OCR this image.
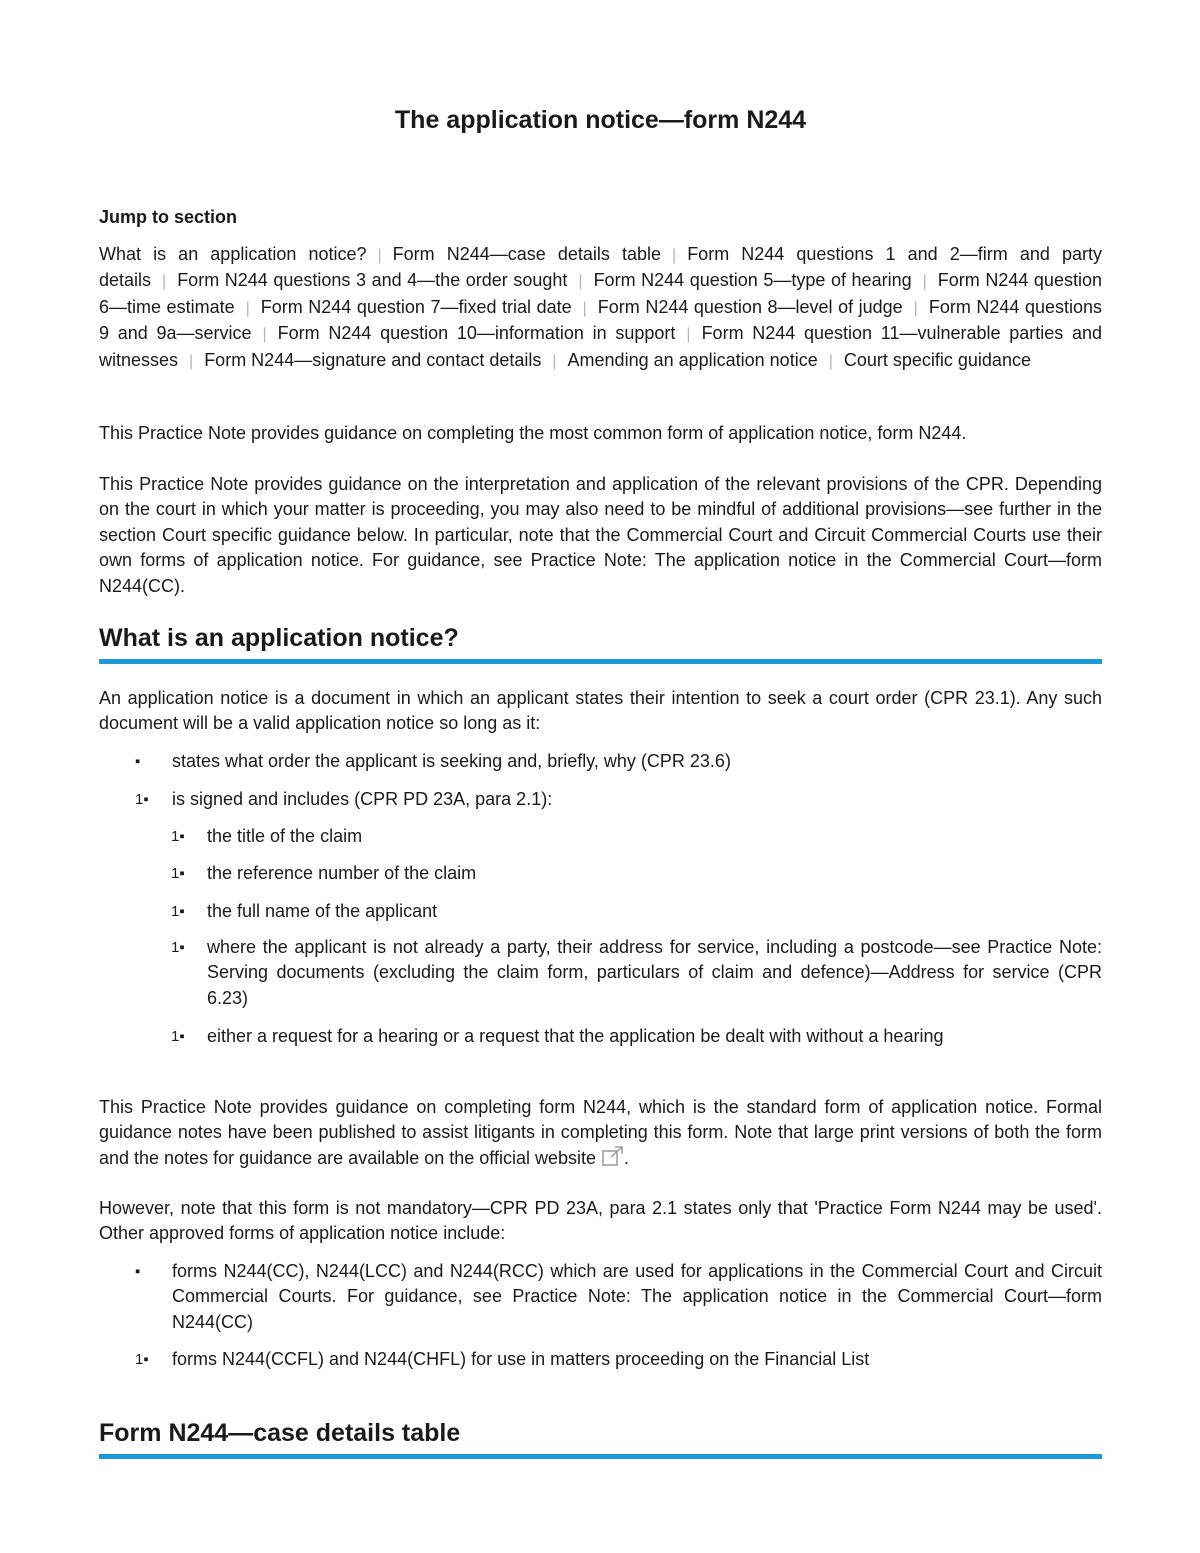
The application notice—form N244
Jump to section

What is an application notice? | Form N244—case details table | Form N244 questions 1 and 2—firm and party details | Form N244 questions 3 and 4—the order sought | Form N244 question 5—type of hearing | Form N244 question 6—time estimate | Form N244 question 7—fixed trial date | Form N244 question 8—level of judge | Form N244 questions 9 and 9a—service | Form N244 question 10—information in support | Form N244 question 11—vulnerable parties and witnesses | Form N244—signature and contact details | Amending an application notice | Court specific guidance

This Practice Note provides guidance on completing the most common form of application notice, form N244.

This Practice Note provides guidance on the interpretation and application of the relevant provisions of the CPR. Depending on the court in which your matter is proceeding, you may also need to be mindful of additional provisions—see further in the section Court specific guidance below. In particular, note that the Commercial Court and Circuit Commercial Courts use their own forms of application notice. For guidance, see Practice Note: The application notice in the Commercial Court—form N244(CC).

What is an application notice?

An application notice is a document in which an applicant states their intention to seek a court order (CPR 23.1). Any such document will be a valid application notice so long as it:

▪ states what order the applicant is seeking and, briefly, why (CPR 23.6)
1▪ is signed and includes (CPR PD 23A, para 2.1):
1▪ the title of the claim
1▪ the reference number of the claim
1▪ the full name of the applicant
1▪ where the applicant is not already a party, their address for service, including a postcode—see Practice Note: Serving documents (excluding the claim form, particulars of claim and defence)—Address for service (CPR 6.23)
1▪ either a request for a hearing or a request that the application be dealt with without a hearing

This Practice Note provides guidance on completing form N244, which is the standard form of application notice. Formal guidance notes have been published to assist litigants in completing this form. Note that large print versions of both the form and the notes for guidance are available on the official website .

However, note that this form is not mandatory—CPR PD 23A, para 2.1 states only that 'Practice Form N244 may be used'. Other approved forms of application notice include:

▪ forms N244(CC), N244(LCC) and N244(RCC) which are used for applications in the Commercial Court and Circuit Commercial Courts. For guidance, see Practice Note: The application notice in the Commercial Court—form N244(CC)
1▪ forms N244(CCFL) and N244(CHFL) for use in matters proceeding on the Financial List
Form N244—case details table
